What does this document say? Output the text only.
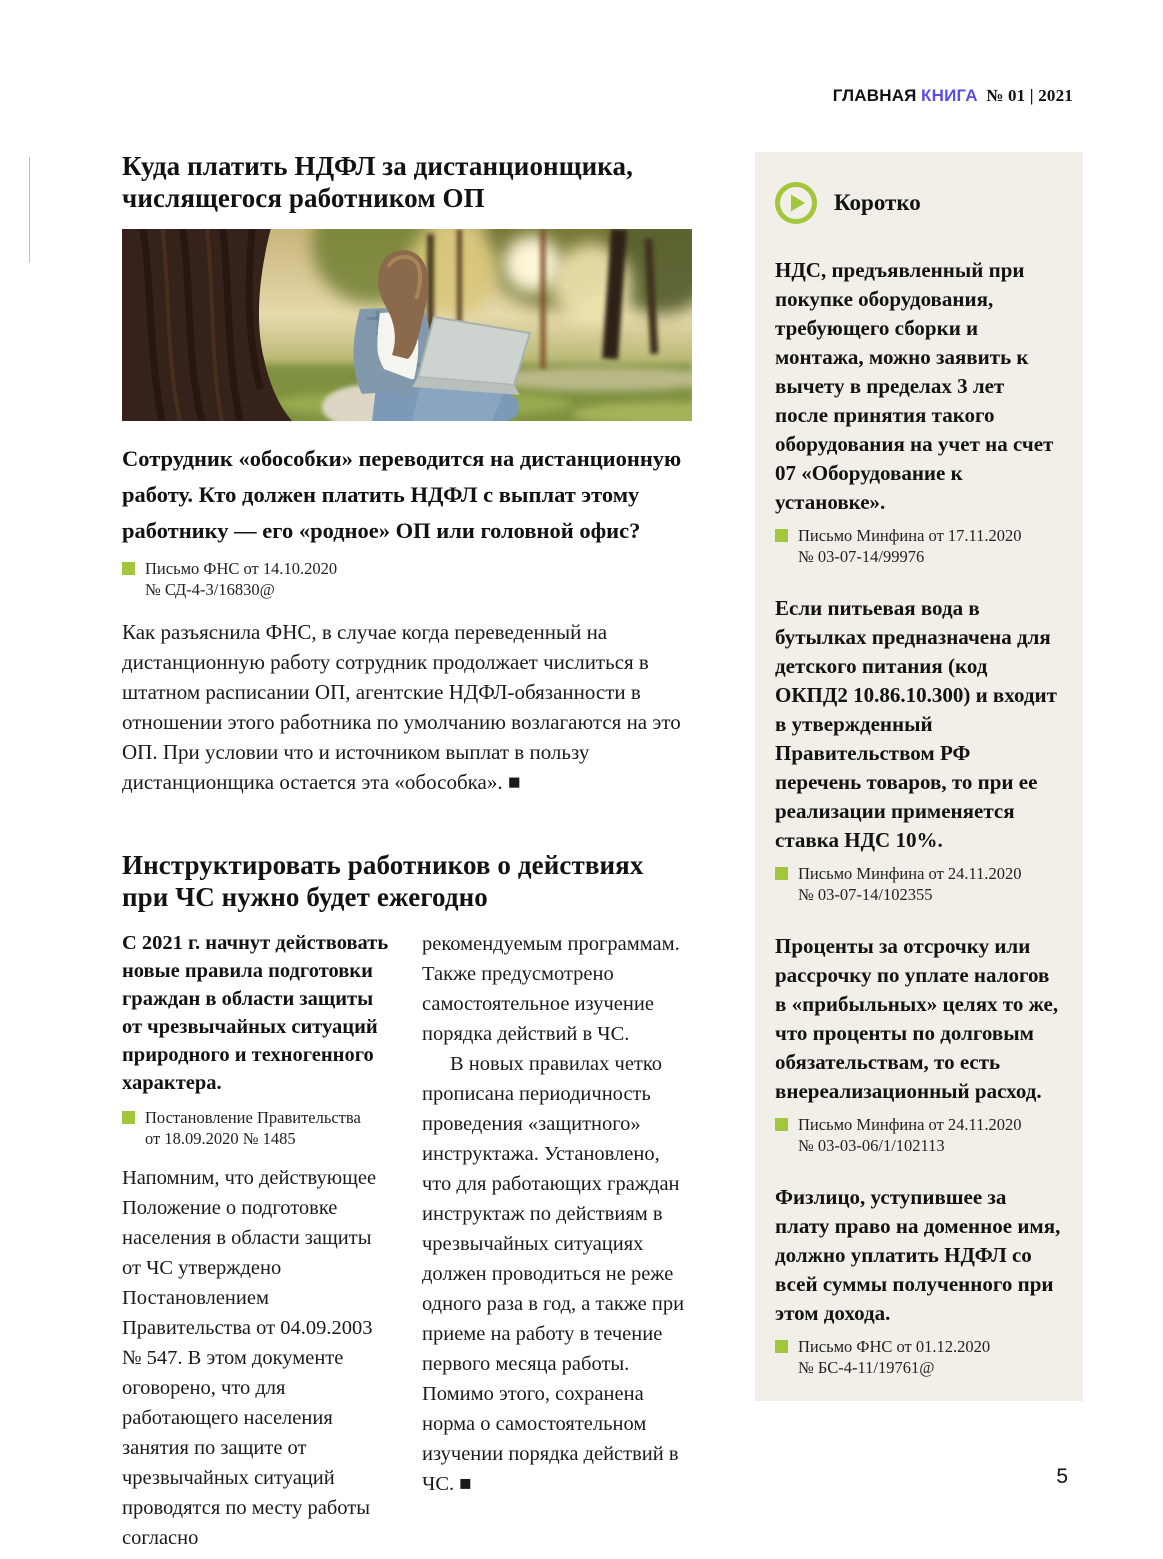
ГЛАВНАЯ КНИГА № 01 | 2021
Куда платить НДФЛ за дистанционщика, числящегося работником ОП

Сотрудник «обособки» переводится на дистанционную работу. Кто должен платить НДФЛ с выплат этому работнику — его «родное» ОП или головной офис?

Письмо ФНС от 14.10.2020
№ СД-4-3/16830@

Как разъяснила ФНС, в случае когда переведенный на дистанционную работу сотрудник продолжает числиться в штатном расписании ОП, агентские НДФЛ-обязанности в отношении этого работника по умолчанию возлагаются на это ОП. При условии что и источником выплат в пользу дистанционщика остается эта «обособка». ■

Инструктировать работников о действиях при ЧС нужно будет ежегодно

С 2021 г. начнут действовать новые правила подготовки граждан в области защиты от чрезвычайных ситуаций природного и техногенного характера.

Постановление Правительства
от 18.09.2020 № 1485

Напомним, что действующее Положение о подготовке населения в области защиты от ЧС утверждено Постановлением Правительства от 04.09.2003 № 547. В этом документе оговорено, что для работающего населения занятия по защите от чрезвычайных ситуаций проводятся по месту работы согласно

рекомендуемым программам. Также предусмотрено самостоятельное изучение порядка действий в ЧС.

В новых правилах четко прописана периодичность проведения «защитного» инструктажа. Установлено, что для работающих граждан инструктаж по действиям в чрезвычайных ситуациях должен проводиться не реже одного раза в год, а также при приеме на работу в течение первого месяца работы. Помимо этого, сохранена норма о самостоятельном изучении порядка действий в ЧС. ■

Коротко
НДС, предъявленный при покупке оборудования, требующего сборки и монтажа, можно заявить к вычету в пределах 3 лет после принятия такого оборудования на учет на счет 07 «Оборудование к установке».
Письмо Минфина от 17.11.2020
№ 03-07-14/99976
Если питьевая вода в бутылках предназначена для детского питания (код ОКПД2 10.86.10.300) и входит в утвержденный Правительством РФ перечень товаров, то при ее реализации применяется ставка НДС 10%.
Письмо Минфина от 24.11.2020
№ 03-07-14/102355
Проценты за отсрочку или рассрочку по уплате налогов в «прибыльных» целях то же, что проценты по долговым обязательствам, то есть внереализационный расход.
Письмо Минфина от 24.11.2020
№ 03-03-06/1/102113
Физлицо, уступившее за плату право на доменное имя, должно уплатить НДФЛ со всей суммы полученного при этом дохода.
Письмо ФНС от 01.12.2020
№ БС-4-11/19761@
5
